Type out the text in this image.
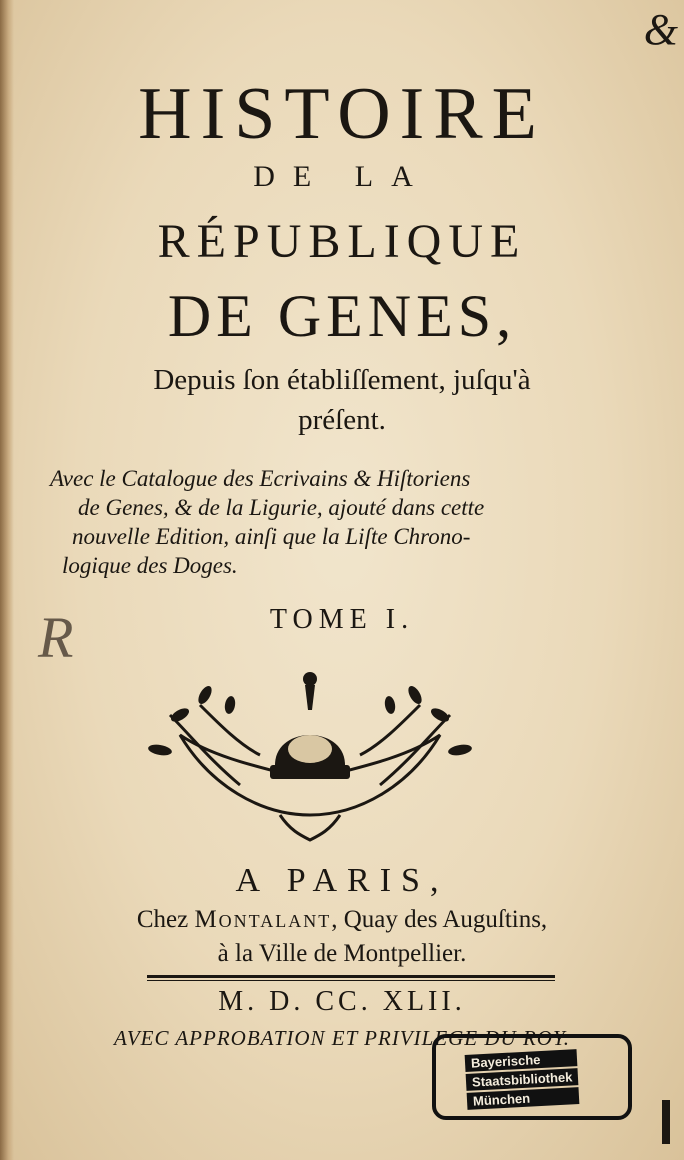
&
R
HISTOIRE
DE LA
RÉPUBLIQUE
DE GENES,
Depuis ſon établiſſement, juſqu'à
préſent.
Avec le Catalogue des Ecrivains & Hiſtoriens
de Genes, & de la Ligurie, ajouté dans cette
nouvelle Edition, ainſi que la Liſte Chrono-
logique des Doges.
TOME I.
A PARIS,
Chez Montalant, Quay des Auguſtins,
à la Ville de Montpellier.
M. D. CC. XLII.
AVEC APPROBATION ET PRIVILEGE DU ROY.
Bayerische
Staatsbibliothek
München
